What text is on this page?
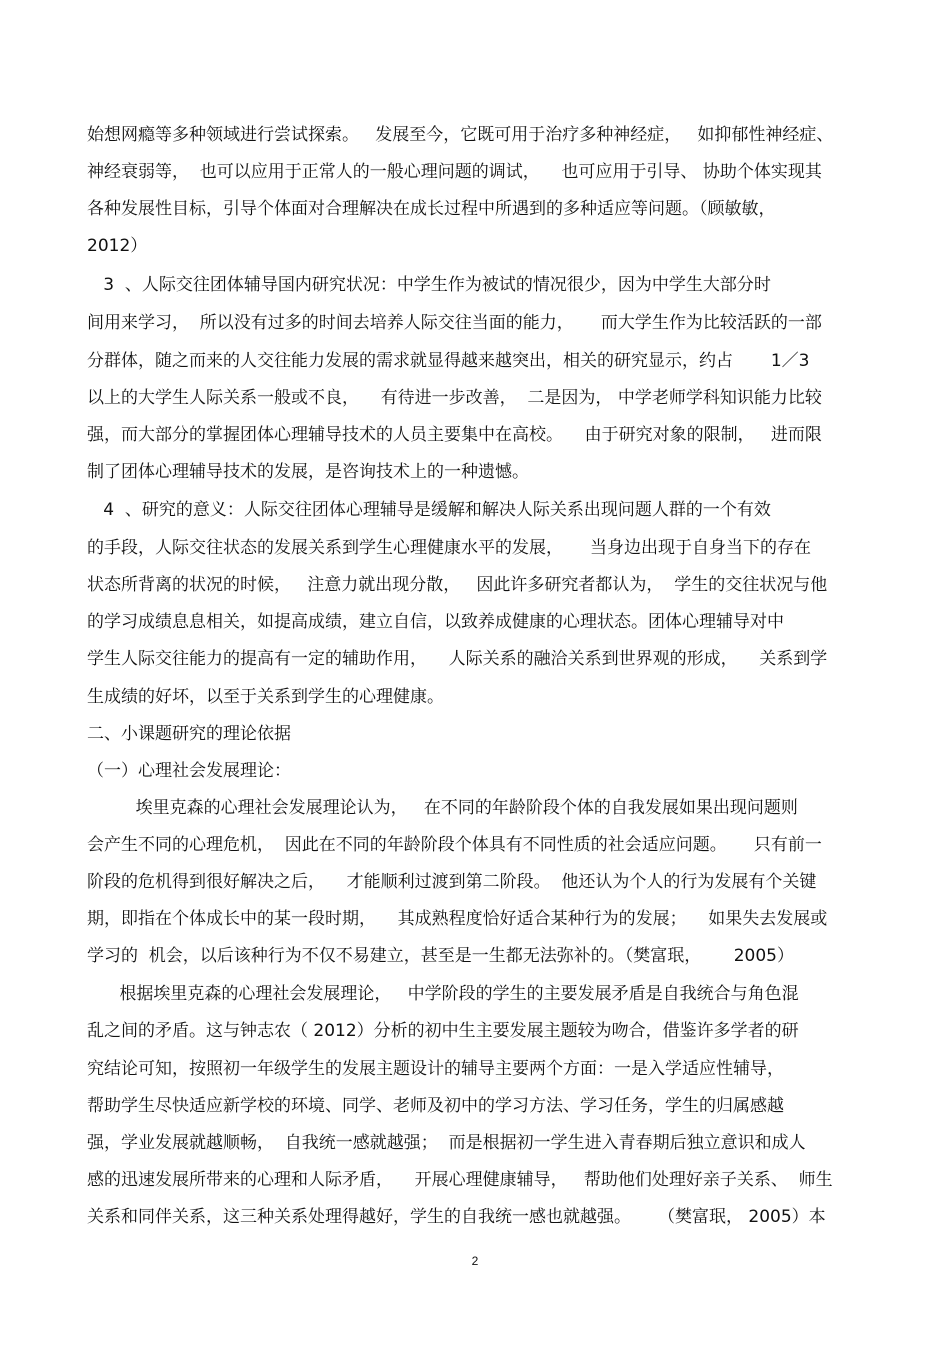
始想网瘾等多种领域进行尝试探索。   发展至今，它既可用于治疗多种神经症，   如抑郁性神经症、

神经衰弱等，  也可以应用于正常人的一般心理问题的调试，    也可应用于引导、 协助个体实现其

各种发展性目标，引导个体面对合理解决在成长过程中所遇到的多种适应等问题。（顾敏敏，

2012）

3  、人际交往团体辅导国内研究状况：中学生作为被试的情况很少，因为中学生大部分时

间用来学习，  所以没有过多的时间去培养人际交往当面的能力，     而大学生作为比较活跃的一部

分群体，随之而来的人交往能力发展的需求就显得越来越突出，相关的研究显示，约占       1／3

以上的大学生人际关系一般或不良，    有待进一步改善，  二是因为， 中学老师学科知识能力比较

强，而大部分的掌握团体心理辅导技术的人员主要集中在高校。    由于研究对象的限制，   进而限

制了团体心理辅导技术的发展，是咨询技术上的一种遗憾。

4  、研究的意义：人际交往团体心理辅导是缓解和解决人际关系出现问题人群的一个有效

的手段，人际交往状态的发展关系到学生心理健康水平的发展，     当身边出现于自身当下的存在

状态所背离的状况的时候，   注意力就出现分散，   因此许多研究者都认为，  学生的交往状况与他

的学习成绩息息相关，如提高成绩，建立自信，以致养成健康的心理状态。团体心理辅导对中

学生人际交往能力的提高有一定的辅助作用，    人际关系的融洽关系到世界观的形成，    关系到学

生成绩的好坏，以至于关系到学生的心理健康。

二、小课题研究的理论依据

（一）心理社会发展理论：

埃里克森的心理社会发展理论认为，   在不同的年龄阶段个体的自我发展如果出现问题则

会产生不同的心理危机，  因此在不同的年龄阶段个体具有不同性质的社会适应问题。     只有前一

阶段的危机得到很好解决之后，    才能顺利过渡到第二阶段。  他还认为个人的行为发展有个关键

期，即指在个体成长中的某一段时期，    其成熟程度恰好适合某种行为的发展；    如果失去发展或

学习的  机会，以后该种行为不仅不易建立，甚至是一生都无法弥补的。（樊富珉，      2005）

根据埃里克森的心理社会发展理论，   中学阶段的学生的主要发展矛盾是自我统合与角色混

乱之间的矛盾。这与钟志农（ 2012）分析的初中生主要发展主题较为吻合，借鉴许多学者的研

究结论可知，按照初一年级学生的发展主题设计的辅导主要两个方面：一是入学适应性辅导，

帮助学生尽快适应新学校的环境、同学、老师及初中的学习方法、学习任务，学生的归属感越

强，学业发展就越顺畅，  自我统一感就越强；  而是根据初一学生进入青春期后独立意识和成人

感的迅速发展所带来的心理和人际矛盾，    开展心理健康辅导，   帮助他们处理好亲子关系、  师生

关系和同伴关系，这三种关系处理得越好，学生的自我统一感也就越强。     （樊富珉， 2005）本

2
